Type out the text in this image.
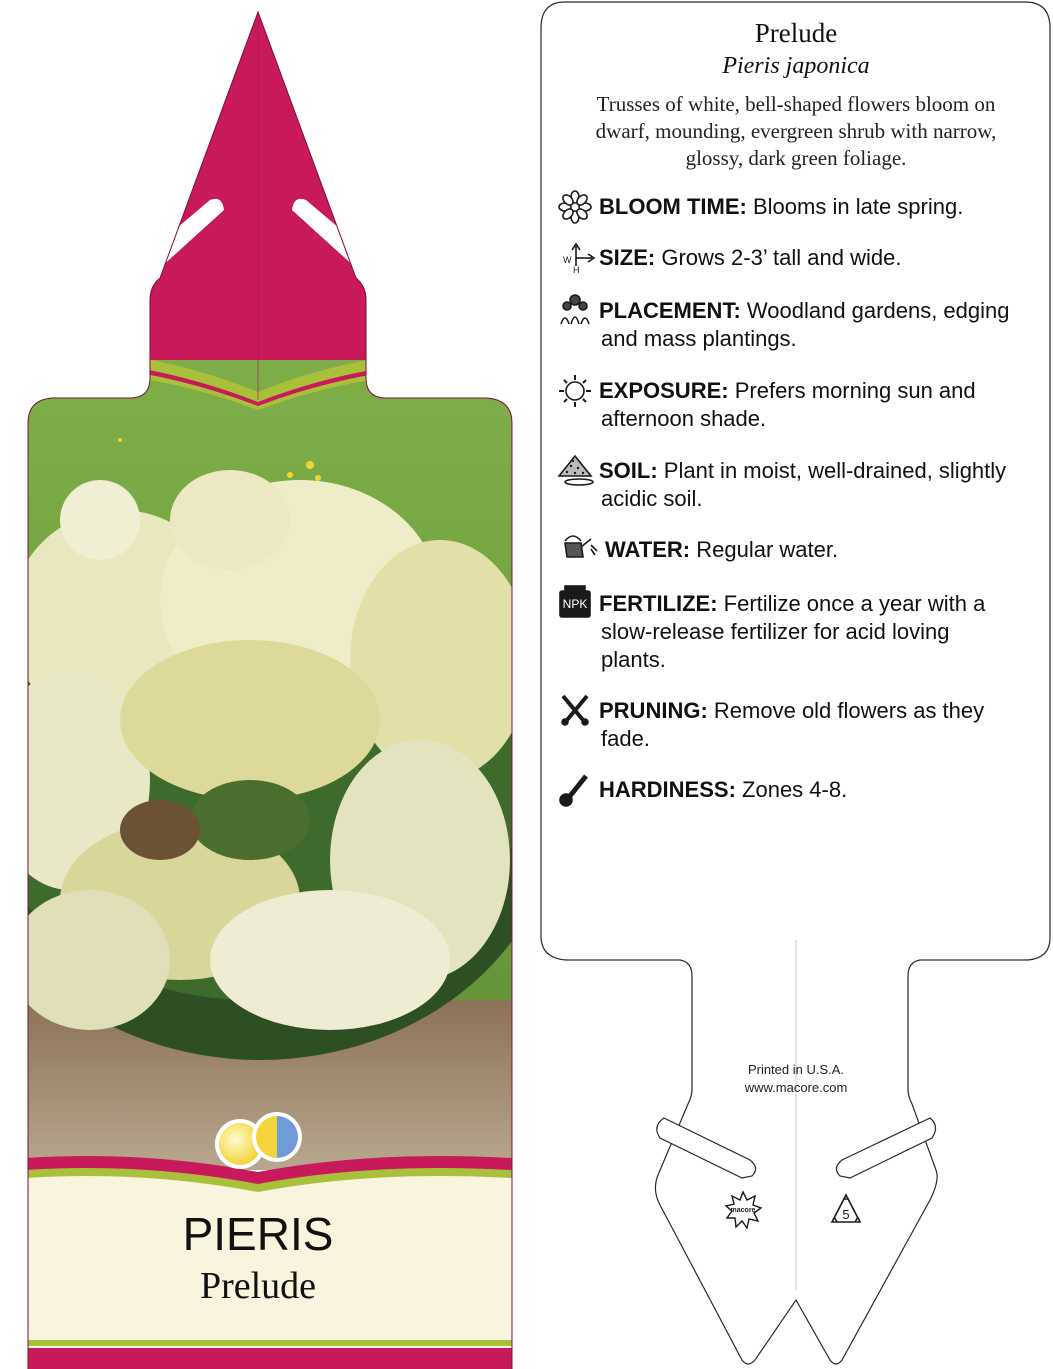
PIERIS
Prelude
Prelude
Pieris japonica
Trusses of white, bell-shaped flowers bloom on
dwarf, mounding, evergreen shrub with narrow,
glossy, dark green foliage.
W
H
NPK
BLOOM TIME: Blooms in late spring.
SIZE: Grows 2-3’ tall and wide.
PLACEMENT: Woodland gardens, edging
and mass plantings.
EXPOSURE: Prefers morning sun and
afternoon shade.
SOIL: Plant in moist, well-drained, slightly
acidic soil.
WATER: Regular water.
FERTILIZE: Fertilize once a year with a
slow-release fertilizer for acid loving
plants.
PRUNING: Remove old flowers as they
fade.
HARDINESS: Zones 4-8.
Printed in U.S.A.
www.macore.com
macore	5
